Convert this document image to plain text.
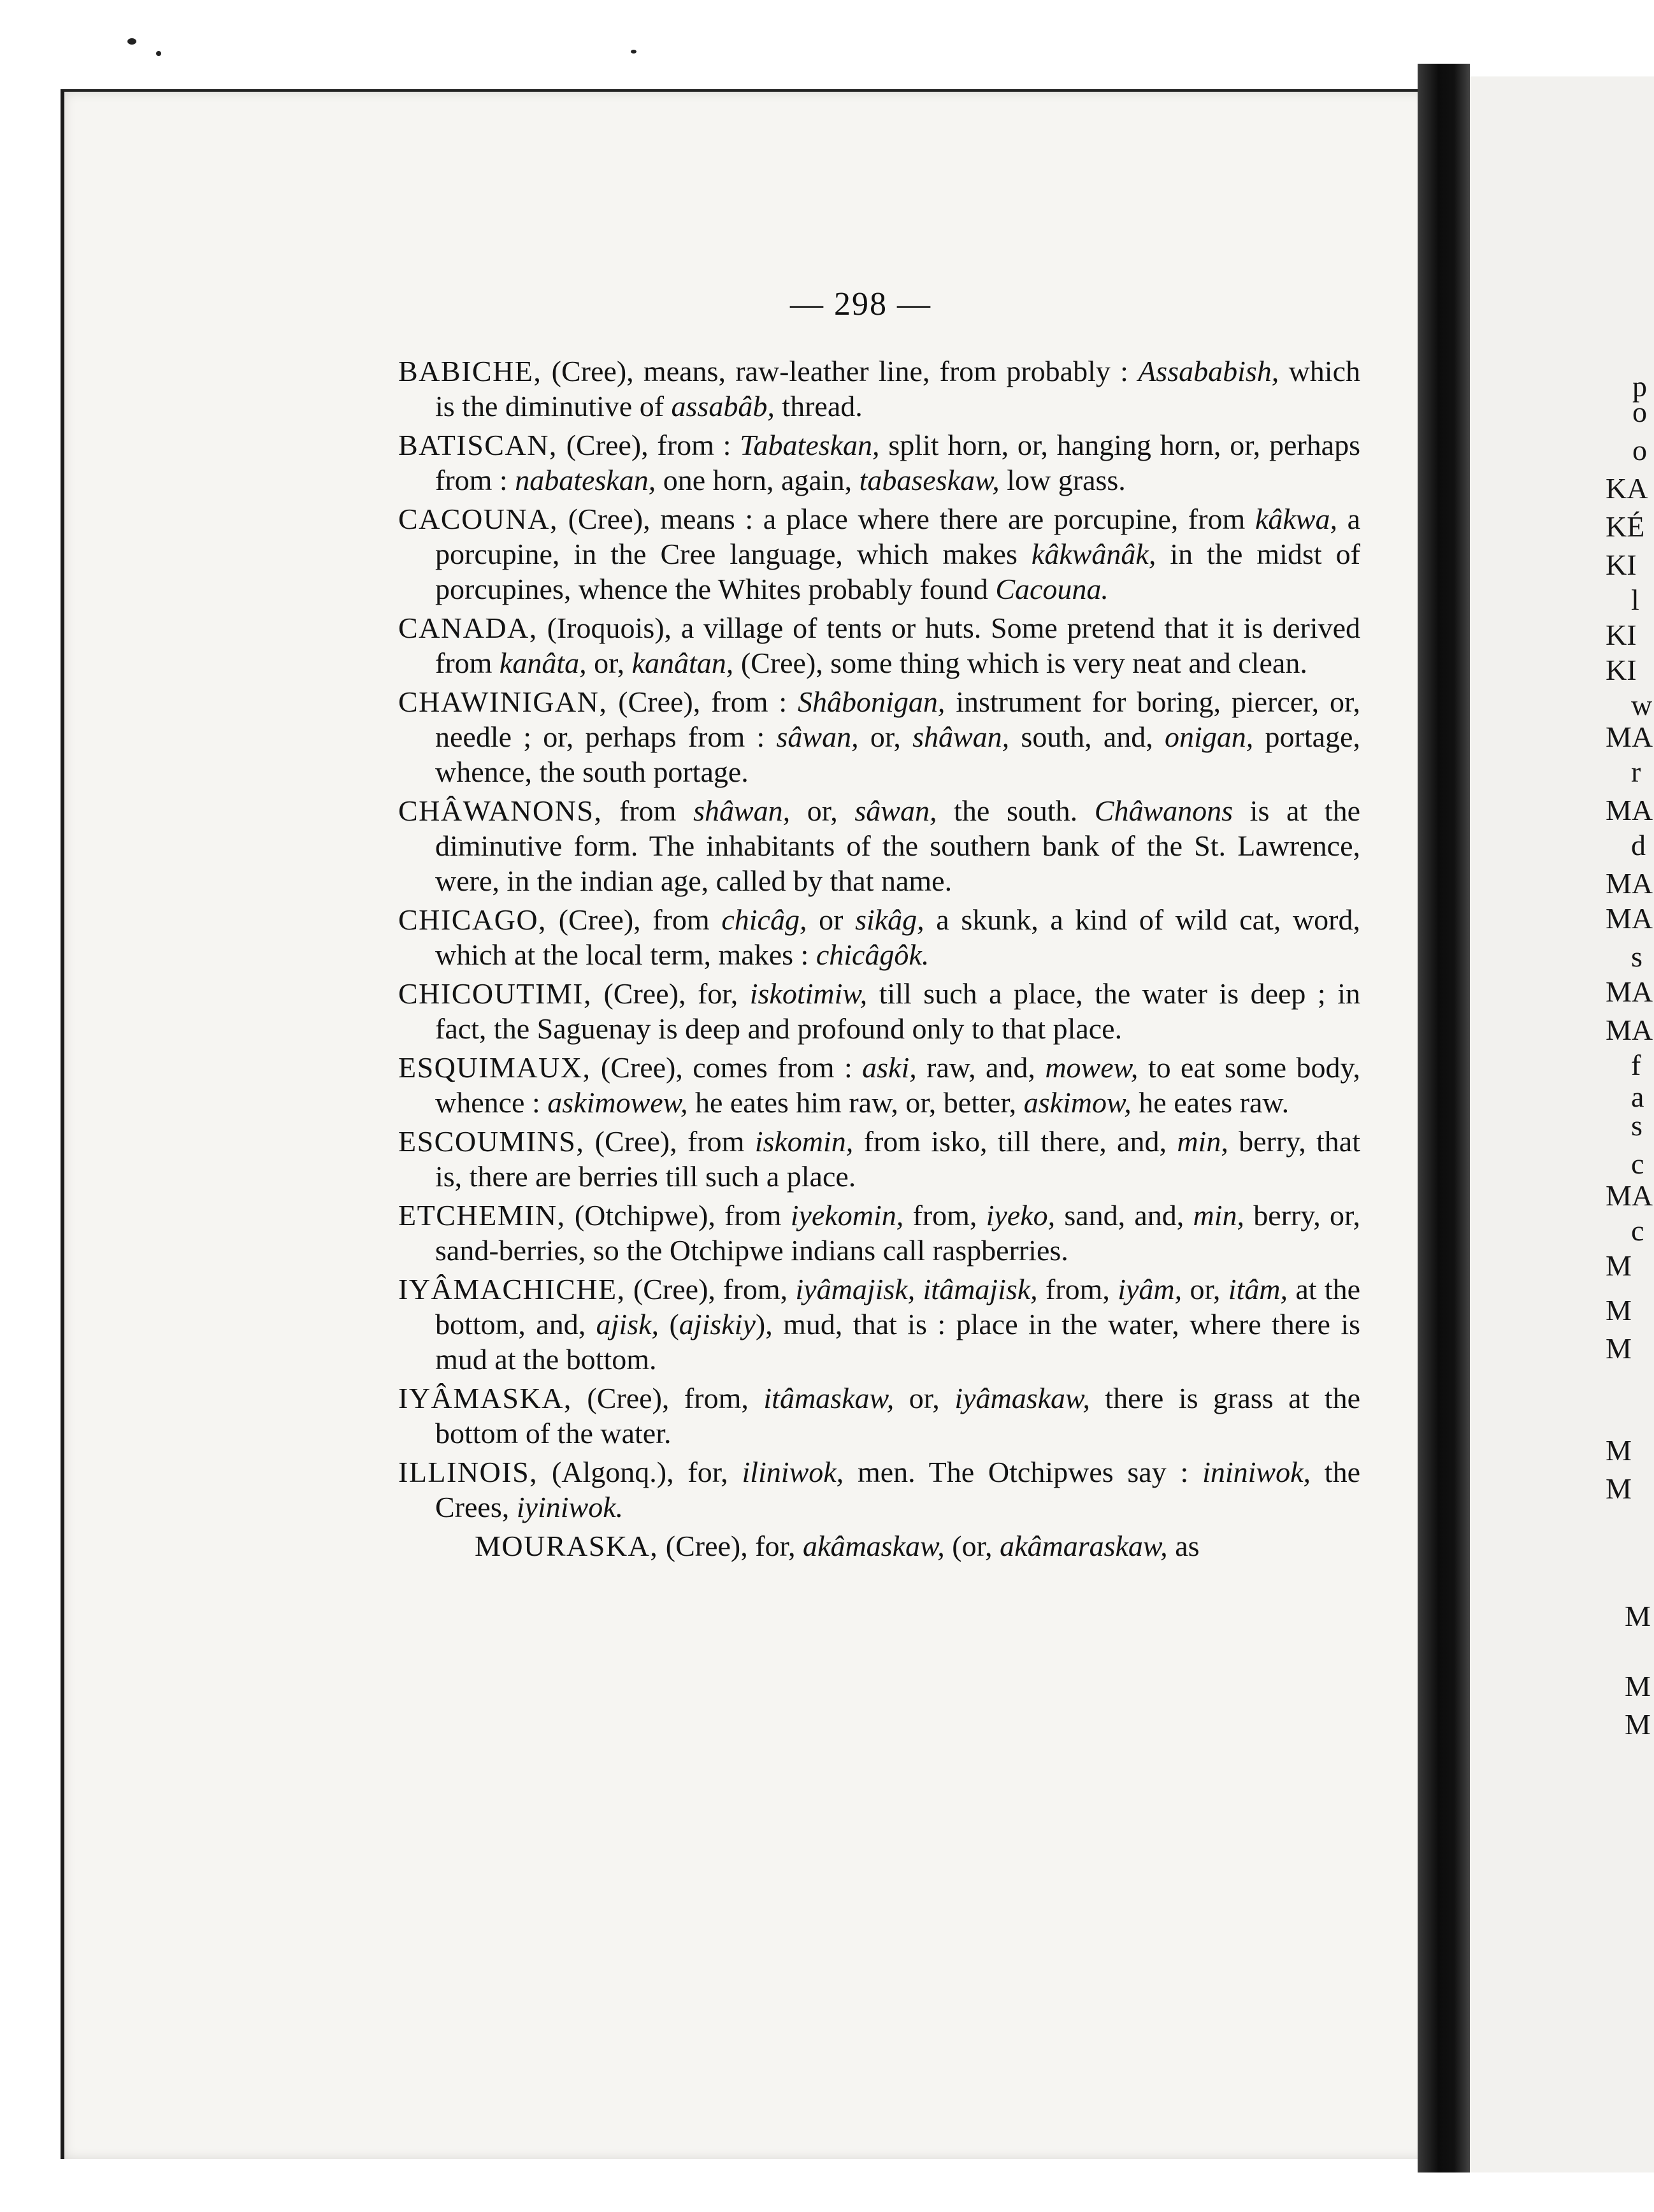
— 298 —

BABICHE, (Cree), means, raw-leather line, from probably : Assababish, which is the diminutive of assabâb, thread.

BATISCAN, (Cree), from : Tabateskan, split horn, or, hanging horn, or, perhaps from : nabateskan, one horn, again, tabaseskaw, low grass.

CACOUNA, (Cree), means : a place where there are porcupine, from kâkwa, a porcupine, in the Cree language, which makes kâkwânâk, in the midst of porcupines, whence the Whites probably found Cacouna.

CANADA, (Iroquois), a village of tents or huts. Some pretend that it is derived from kanâta, or, kanâtan, (Cree), some thing which is very neat and clean.

CHAWINIGAN, (Cree), from : Shâbonigan, instrument for boring, piercer, or, needle ; or, perhaps from : sâwan, or, shâwan, south, and, onigan, portage, whence, the south portage.

CHÂWANONS, from shâwan, or, sâwan, the south. Châwanons is at the diminutive form. The inhabitants of the southern bank of the St. Lawrence, were, in the indian age, called by that name.

CHICAGO, (Cree), from chicâg, or sikâg, a skunk, a kind of wild cat, word, which at the local term, makes : chicâgôk.

CHICOUTIMI, (Cree), for, iskotimiw, till such a place, the water is deep ; in fact, the Saguenay is deep and profound only to that place.

ESQUIMAUX, (Cree), comes from : aski, raw, and, mowew, to eat some body, whence : askimowew, he eates him raw, or, better, askimow, he eates raw.

ESCOUMINS, (Cree), from iskomin, from isko, till there, and, min, berry, that is, there are berries till such a place.

ETCHEMIN, (Otchipwe), from iyekomin, from, iyeko, sand, and, min, berry, or, sand-berries, so the Otchipwe indians call raspberries.

IYÂMACHICHE, (Cree), from, iyâmajisk, itâmajisk, from, iyâm, or, itâm, at the bottom, and, ajisk, (ajiskiy), mud, that is : place in the water, where there is mud at the bottom.

IYÂMASKA, (Cree), from, itâmaskaw, or, iyâmaskaw, there is grass at the bottom of the water.

ILLINOIS, (Algonq.), for, iliniwok, men. The Otchipwes say : ininiwok, the Crees, iyiniwok.

MOURASKA, (Cree), for, akâmaskaw, (or, akâmaraskaw, as

p
o
o
KA
KÉ
KI
l
KI
KI
w
MA
r
MA
d
MA
MA
s
MA
MA
f
a
s
c
MA
c
M
M
M
M
M
M
M
M
